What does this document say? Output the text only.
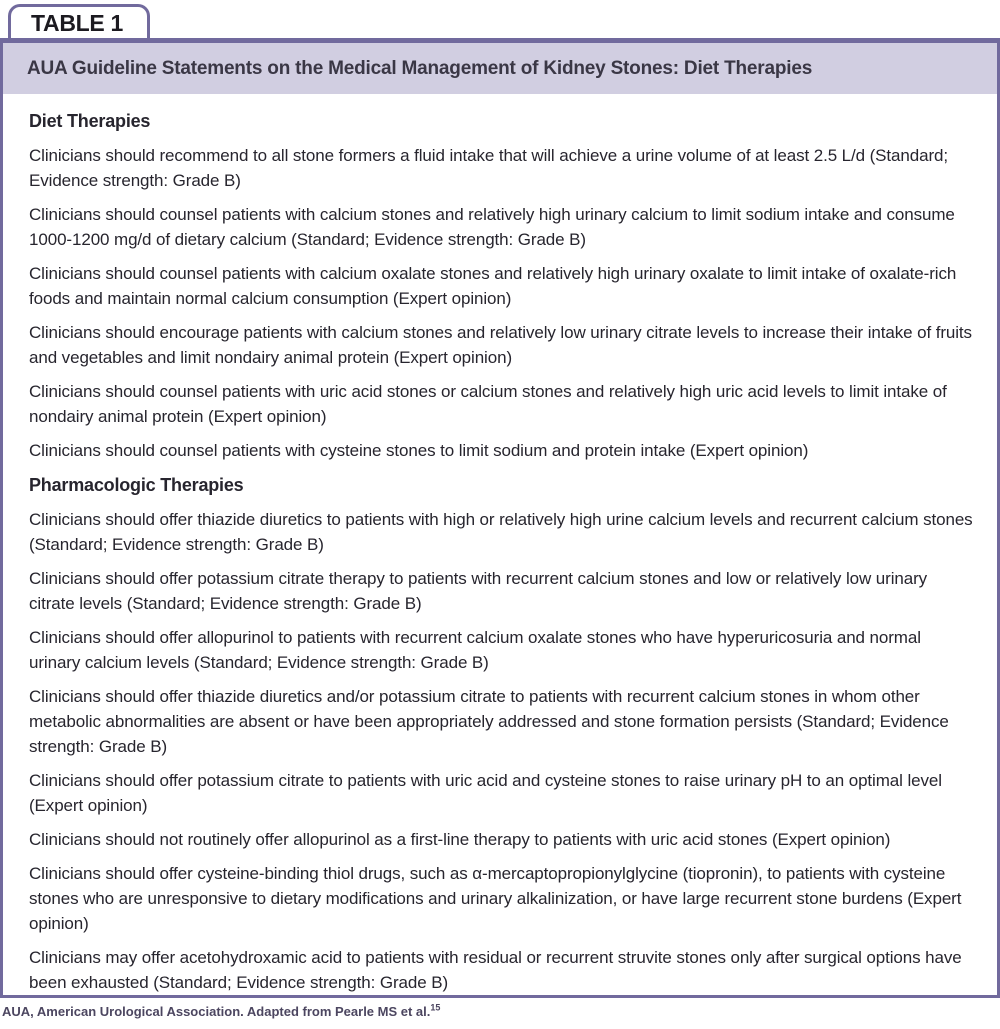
TABLE 1
AUA Guideline Statements on the Medical Management of Kidney Stones: Diet Therapies
Diet Therapies

Clinicians should recommend to all stone formers a fluid intake that will achieve a urine volume of at least 2.5 L/d (Standard; Evidence strength: Grade B)

Clinicians should counsel patients with calcium stones and relatively high urinary calcium to limit sodium intake and consume 1000-1200 mg/d of dietary calcium (Standard; Evidence strength: Grade B)

Clinicians should counsel patients with calcium oxalate stones and relatively high urinary oxalate to limit intake of oxalate-rich foods and maintain normal calcium consumption (Expert opinion)

Clinicians should encourage patients with calcium stones and relatively low urinary citrate levels to increase their intake of fruits and vegetables and limit nondairy animal protein (Expert opinion)

Clinicians should counsel patients with uric acid stones or calcium stones and relatively high uric acid levels to limit intake of nondairy animal protein (Expert opinion)

Clinicians should counsel patients with cysteine stones to limit sodium and protein intake (Expert opinion)

Pharmacologic Therapies

Clinicians should offer thiazide diuretics to patients with high or relatively high urine calcium levels and recurrent calcium stones (Standard; Evidence strength: Grade B)

Clinicians should offer potassium citrate therapy to patients with recurrent calcium stones and low or relatively low urinary citrate levels (Standard; Evidence strength: Grade B)

Clinicians should offer allopurinol to patients with recurrent calcium oxalate stones who have hyperuricosuria and normal urinary calcium levels (Standard; Evidence strength: Grade B)

Clinicians should offer thiazide diuretics and/or potassium citrate to patients with recurrent calcium stones in whom other metabolic abnormalities are absent or have been appropriately addressed and stone formation persists (Standard; Evidence strength: Grade B)

Clinicians should offer potassium citrate to patients with uric acid and cysteine stones to raise urinary pH to an optimal level (Expert opinion)

Clinicians should not routinely offer allopurinol as a first-line therapy to patients with uric acid stones (Expert opinion)

Clinicians should offer cysteine-binding thiol drugs, such as α-mercaptopropionylglycine (tiopronin), to patients with cysteine stones who are unresponsive to dietary modifications and urinary alkalinization, or have large recurrent stone burdens (Expert opinion)

Clinicians may offer acetohydroxamic acid to patients with residual or recurrent struvite stones only after surgical options have been exhausted (Standard; Evidence strength: Grade B)

AUA, American Urological Association. Adapted from Pearle MS et al.$^{15}$
